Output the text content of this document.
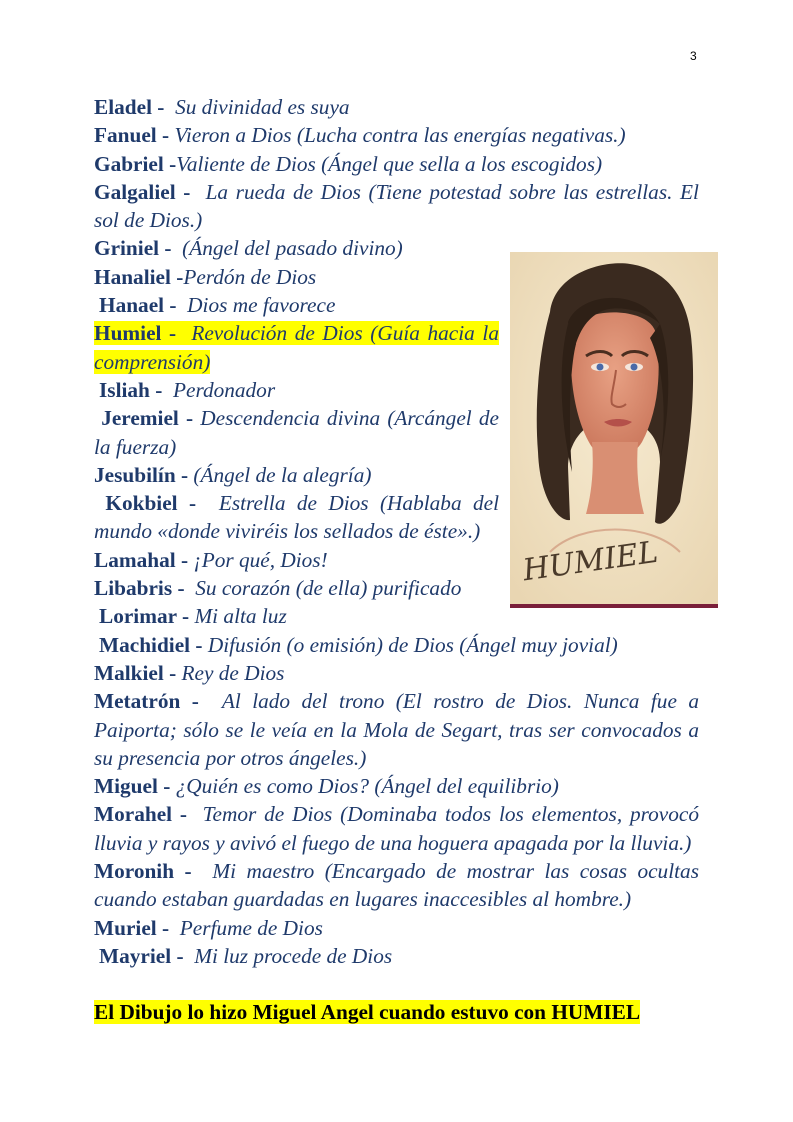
3

Eladel - Su divinidad es suya

Fanuel - Vieron a Dios (Lucha contra las energías negativas.)

Gabriel -Valiente de Dios (Ángel que sella a los escogidos)

Galgaliel - La rueda de Dios (Tiene potestad sobre las estrellas. El sol de Dios.)

Griniel - (Ángel del pasado divino)

Hanaliel -Perdón de Dios

Hanael - Dios me favorece

Humiel - Revolución de Dios (Guía hacia la comprensión)

Isliah - Perdonador

Jeremiel - Descendencia divina (Arcángel de la fuerza)

Jesubilín - (Ángel de la alegría)

Kokbiel - Estrella de Dios (Hablaba del mundo «donde viviréis los sellados de éste».)

Lamahal - ¡Por qué, Dios!

Libabris - Su corazón (de ella) purificado

Lorimar - Mi alta luz

Machidiel - Difusión (o emisión) de Dios (Ángel muy jovial)

Malkiel - Rey de Dios

Metatrón - Al lado del trono (El rostro de Dios. Nunca fue a Paiporta; sólo se le veía en la Mola de Segart, tras ser convocados a su presencia por otros ángeles.)

Miguel - ¿Quién es como Dios? (Ángel del equilibrio)

Morahel - Temor de Dios (Dominaba todos los elementos, provocó lluvia y rayos y avivó el fuego de una hoguera apagada por la lluvia.)

Moronih - Mi maestro (Encargado de mostrar las cosas ocultas cuando estaban guardadas en lugares inaccesibles al hombre.)

Muriel - Perfume de Dios

Mayriel - Mi luz procede de Dios

El Dibujo lo hizo Miguel Angel cuando estuvo con HUMIEL

HUMIEL
